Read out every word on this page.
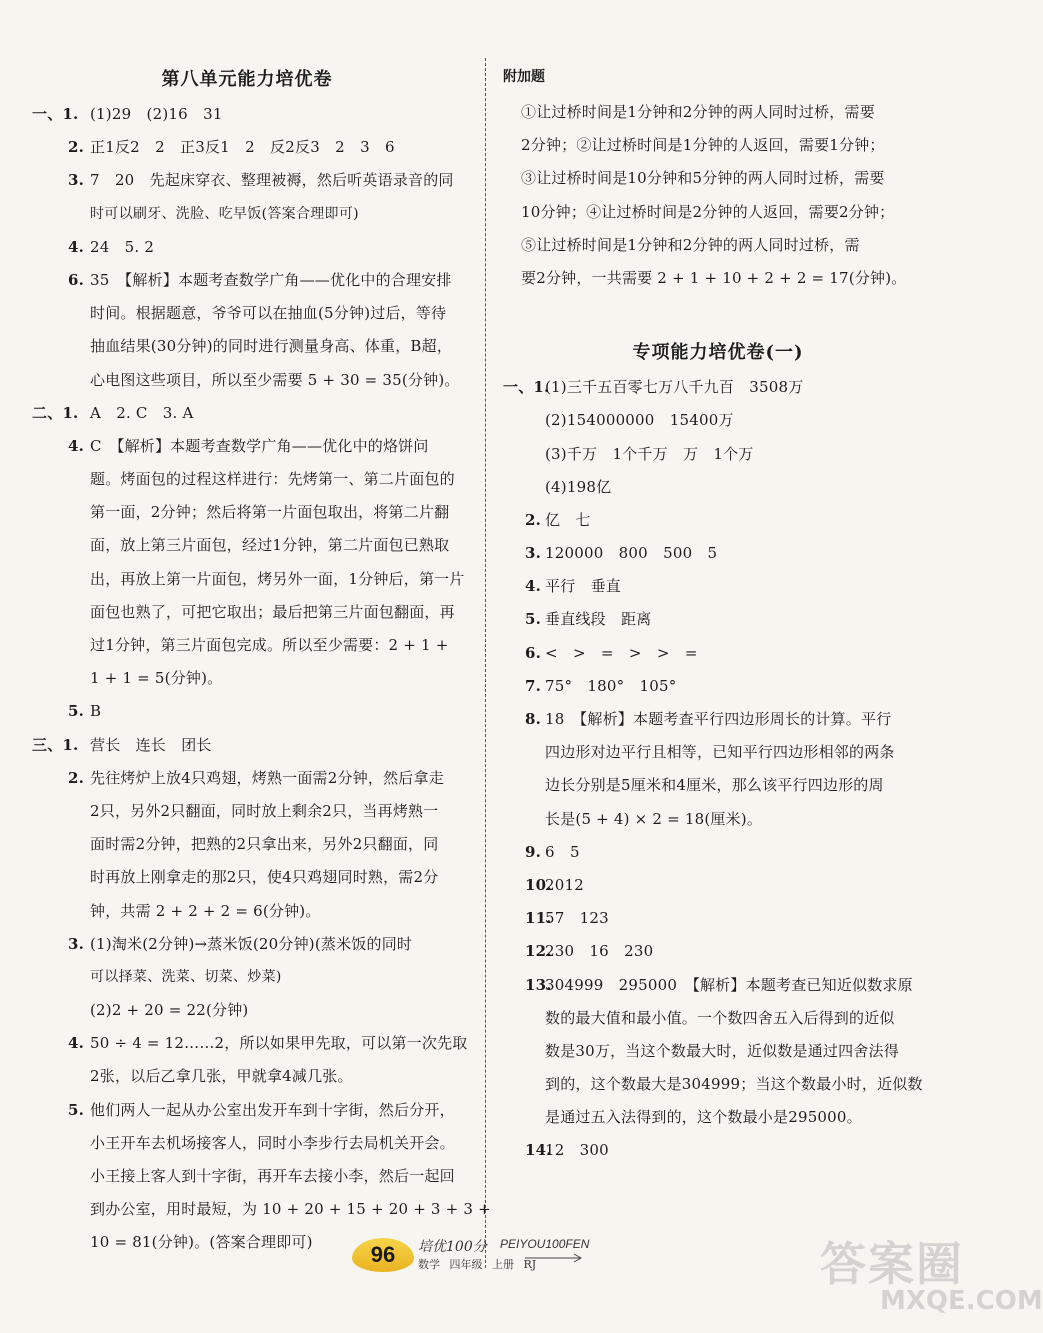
第八单元能力培优卷
一、1. (1)29　(2)16　31
2. 正1反2　2　正3反1　2　反2反3　2　3　6
3. 7　20　先起床穿衣、整理被褥，然后听英语录音的同
时可以刷牙、洗脸、吃早饭(答案合理即可)
4. 24　5. 2
6. 35　【解析】本题考查数学广角——优化中的合理安排
时间。根据题意，爷爷可以在抽血(5分钟)过后，等待
抽血结果(30分钟)的同时进行测量身高、体重，B超，
心电图这些项目，所以至少需要 5 + 30 = 35(分钟)。
二、1. A　2. C　3. A
4. C　【解析】本题考查数学广角——优化中的烙饼问
题。烤面包的过程这样进行：先烤第一、第二片面包的
第一面，2分钟；然后将第一片面包取出，将第二片翻
面，放上第三片面包，经过1分钟，第二片面包已熟取
出，再放上第一片面包，烤另外一面，1分钟后，第一片
面包也熟了，可把它取出；最后把第三片面包翻面，再
过1分钟，第三片面包完成。所以至少需要：2 + 1 +
1 + 1 = 5(分钟)。
5. B
三、1. 营长　连长　团长
2. 先往烤炉上放4只鸡翅，烤熟一面需2分钟，然后拿走
2只，另外2只翻面，同时放上剩余2只，当再烤熟一
面时需2分钟，把熟的2只拿出来，另外2只翻面，同
时再放上刚拿走的那2只，使4只鸡翅同时熟，需2分
钟，共需 2 + 2 + 2 = 6(分钟)。
3. (1)淘米(2分钟)→蒸米饭(20分钟)(蒸米饭的同时
可以择菜、洗菜、切菜、炒菜)
(2)2 + 20 = 22(分钟)
4. 50 ÷ 4 = 12……2，所以如果甲先取，可以第一次先取
2张，以后乙拿几张，甲就拿4减几张。
5. 他们两人一起从办公室出发开车到十字街，然后分开，
小王开车去机场接客人，同时小李步行去局机关开会。
小王接上客人到十字街，再开车去接小李，然后一起回
到办公室，用时最短，为 10 + 20 + 15 + 20 + 3 + 3 +
10 = 81(分钟)。(答案合理即可)
附加题
①让过桥时间是1分钟和2分钟的两人同时过桥，需要
2分钟；②让过桥时间是1分钟的人返回，需要1分钟；
③让过桥时间是10分钟和5分钟的两人同时过桥，需要
10分钟；④让过桥时间是2分钟的人返回，需要2分钟；
⑤让过桥时间是1分钟和2分钟的两人同时过桥，需
要2分钟，一共需要 2 + 1 + 10 + 2 + 2 = 17(分钟)。
专项能力培优卷(一)
一、1.
(1)三千五百零七万八千九百　3508万
(2)154000000　15400万
(3)千万　1个千万　万　1个万
(4)198亿
2. 亿　七
3. 120000　800　500　5
4. 平行　垂直
5. 垂直线段　距离
6. <　>　=　>　>　=
7. 75°　180°　105°
8. 18　【解析】本题考查平行四边形周长的计算。平行
四边形对边平行且相等，已知平行四边形相邻的两条
边长分别是5厘米和4厘米，那么该平行四边形的周
长是(5 + 4) × 2 = 18(厘米)。
9. 6　5
10.
2012
11.
57　123
12.
230　16　230
13.
304999　295000　【解析】本题考查已知近似数求原
数的最大值和最小值。一个数四舍五入后得到的近似
数是30万，当这个数最大时，近似数是通过四舍法得
到的，这个数最大是304999；当这个数最小时，近似数
是通过五入法得到的，这个数最小是295000。
14.
12　300
96	培优100分 PEIYOU100FEN
数学 四年级 上册 RJ	答案圈
MXQE.COM
